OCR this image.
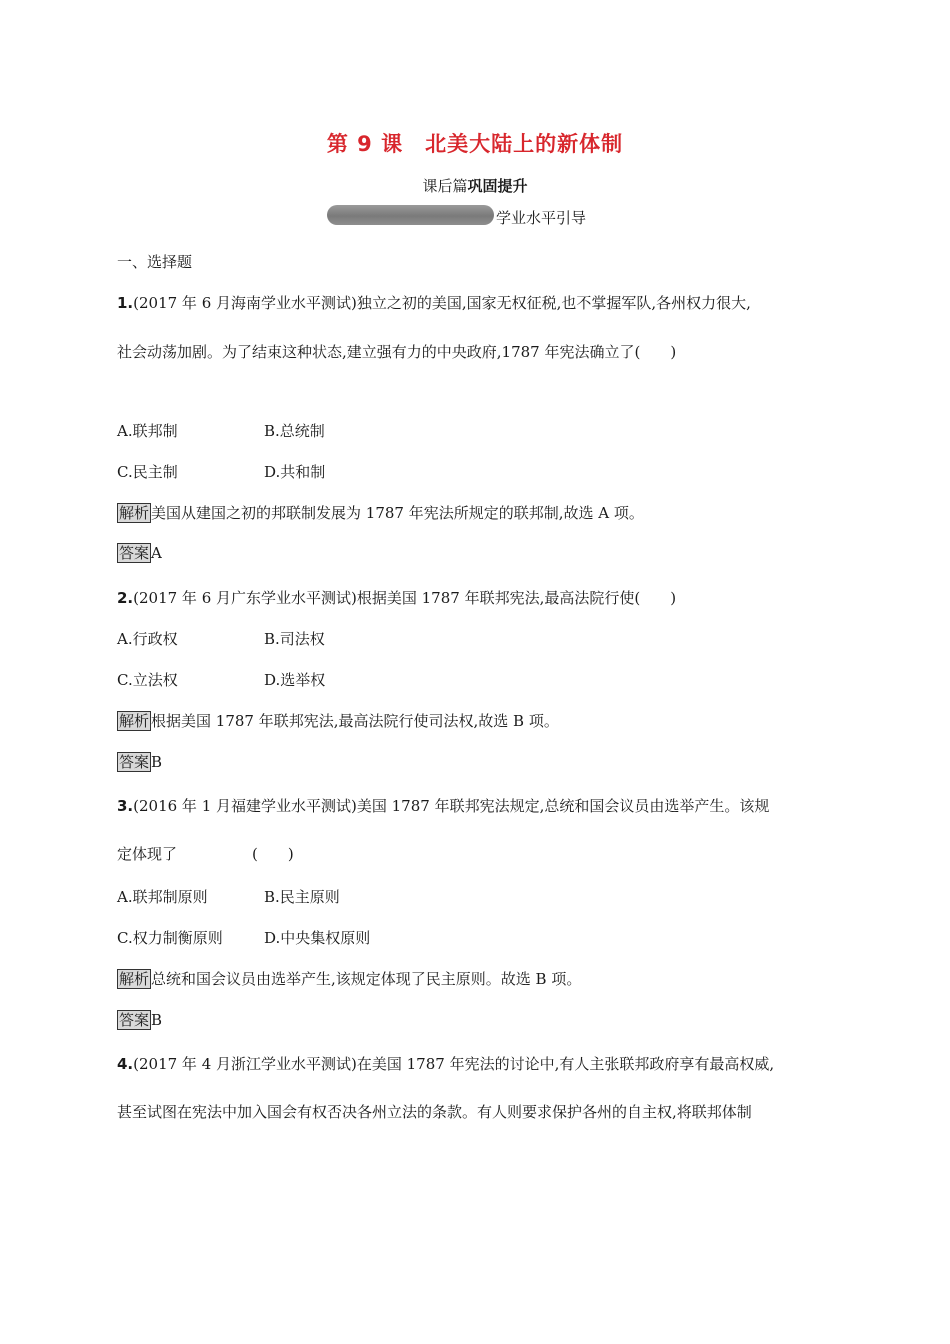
第 9 课　北美大陆上的新体制
课后篇巩固提升
学业水平引导
一、选择题
1.(2017 年 6 月海南学业水平测试)独立之初的美国,国家无权征税,也不掌握军队,各州权力很大,
社会动荡加剧。为了结束这种状态,建立强有力的中央政府,1787 年宪法确立了(　　)
A.联邦制	B.总统制
C.民主制	D.共和制
解析 美国从建国之初的邦联制发展为 1787 年宪法所规定的联邦制,故选 A 项。
答案 A
2.(2017 年 6 月广东学业水平测试)根据美国 1787 年联邦宪法,最高法院行使(　　)
A.行政权	B.司法权
C.立法权	D.选举权
解析 根据美国 1787 年联邦宪法,最高法院行使司法权,故选 B 项。
答案 B
3.(2016 年 1 月福建学业水平测试)美国 1787 年联邦宪法规定,总统和国会议员由选举产生。该规
定体现了　　　　　(　　)
A.联邦制原则	B.民主原则
C.权力制衡原则	D.中央集权原则
解析 总统和国会议员由选举产生,该规定体现了民主原则。故选 B 项。
答案 B
4.(2017 年 4 月浙江学业水平测试)在美国 1787 年宪法的讨论中,有人主张联邦政府享有最高权威,
甚至试图在宪法中加入国会有权否决各州立法的条款。有人则要求保护各州的自主权,将联邦体制
